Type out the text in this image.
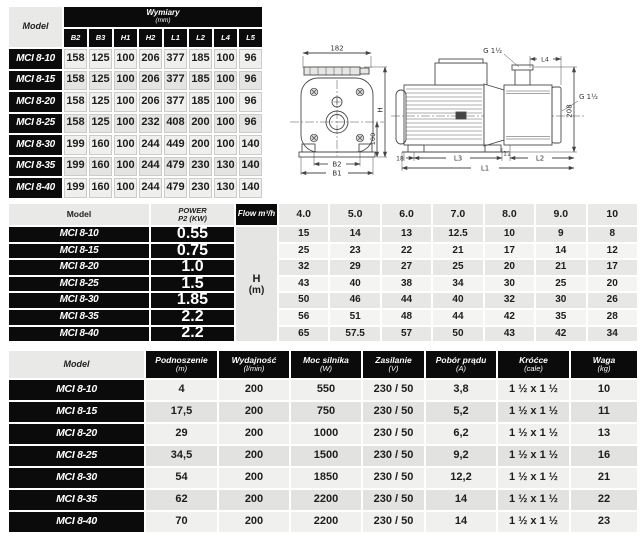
Model
Wymiary
(mm)
B2	B3	H1	H2	L1	L2	L4	L5
MCI 8-10	158 125 100 206 377 185 100 96
MCI 8-15	158 125 100 206 377 185 100 96
MCI 8-20	158 125 100 206 377 185 100 96
MCI 8-25	158 125 100 232 408 200 100 96
MCI 8-30	199 160 100 244 449 200 100 140
MCI 8-35	199 160 100 244 479 230 130 140
MCI 8-40	199 160 100 244 479 230 130 140
182
H
100
B2
B1
G 1½
L4
208
G 1½
18	L3
11
L2
L1
Model	POWER
P2 (KW)	Flow m³/h	4.0	5.0	6.0	7.0	8.0	9.0	10
MCI 8-10	0.55	15	14	13	12.5	10	9	8
MCI 8-15	0.75	25	23	22	21	17	14	12
MCI 8-20	1.0	32	29	27	25	20	21	17
MCI 8-25	1.5	43	40	38	34	30	25	20
MCI 8-30	1.85	50	46	44	40	32	30	26
MCI 8-35	2.2	56	51	48	44	42	35	28
MCI 8-40	2.2	65	57.5	57	50	43	42	34
H
(m)
Model	Podnoszenie
(m)
Wydajność
(l/min)
Moc silnika
(W)
Zasilanie
(V)
Pobór prądu
(A)
Króćce
(cale)
Waga
(kg)
MCI 8-10	4	200	550	230 / 50	3,8	1 ½ x 1 ½	10
MCI 8-15	17,5	200	750	230 / 50	5,2	1 ½ x 1 ½	11
MCI 8-20	29	200	1000	230 / 50	6,2	1 ½ x 1 ½	13
MCI 8-25	34,5	200	1500	230 / 50	9,2	1 ½ x 1 ½	16
MCI 8-30	54	200	1850	230 / 50	12,2	1 ½ x 1 ½	21
MCI 8-35	62	200	2200	230 / 50	14	1 ½ x 1 ½	22
MCI 8-40	70	200	2200	230 / 50	14	1 ½ x 1 ½	23
